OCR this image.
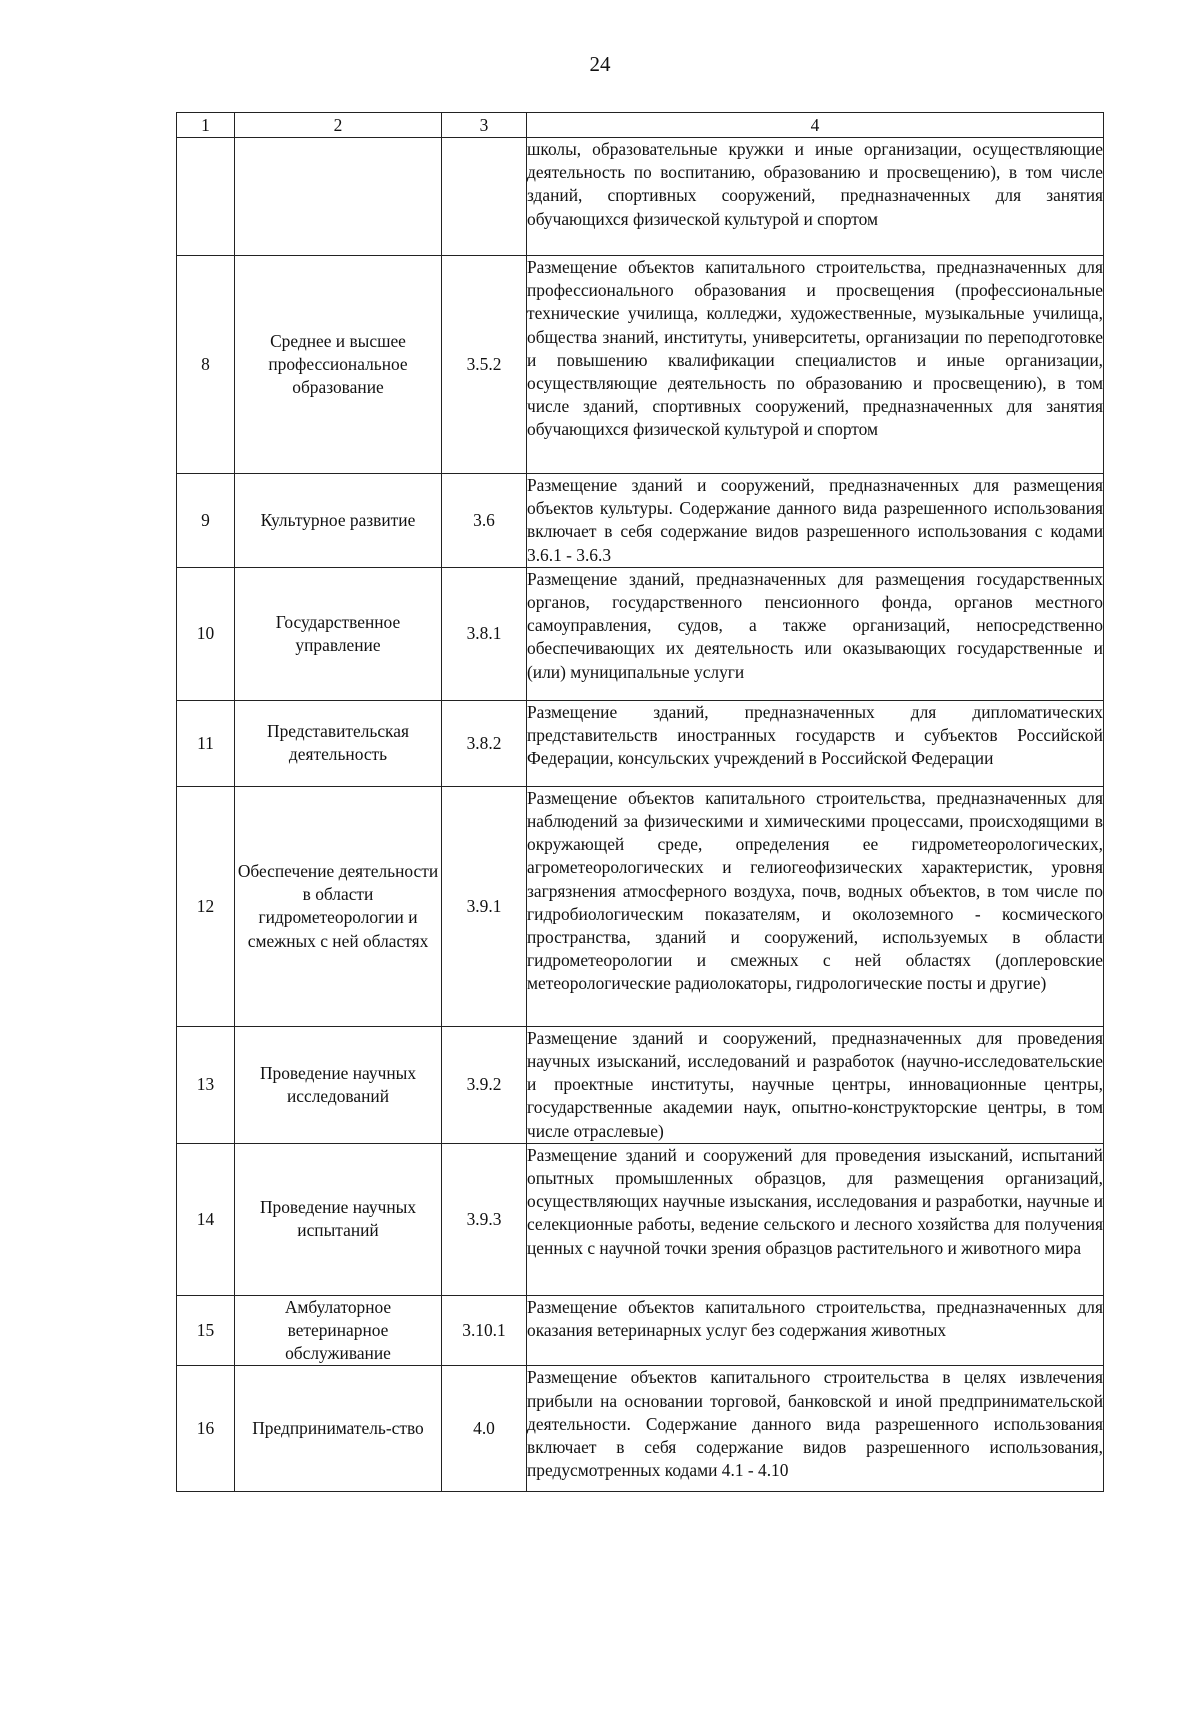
24
1	2	3	4

			школы, образовательные кружки и иные организации, осуществляющие деятельность по воспитанию, образованию и просвещению), в том числе зданий, спортивных сооружений, предназначенных для занятия обучающихся физической культурой и спортом

8	Среднее и высшее профессиональное образование	3.5.2	Размещение объектов капитального строительства, предназначенных для профессионального образования и просвещения (профессиональные технические училища, колледжи, художественные, музыкальные училища, общества знаний, институты, университеты, организации по переподготовке и повышению квалификации специалистов и иные организации, осуществляющие деятельность по образованию и просвещению), в том числе зданий, спортивных сооружений, предназначенных для занятия обучающихся физической культурой и спортом

9	Культурное развитие	3.6	Размещение зданий и сооружений, предназначенных для размещения объектов культуры. Содержание данного вида разрешенного использования включает в себя содержание видов разрешенного использования с кодами 3.6.1 - 3.6.3

10	Государственное управление	3.8.1	Размещение зданий, предназначенных для размещения государственных органов, государственного пенсионного фонда, органов местного самоуправления, судов, а также организаций, непосредственно обеспечивающих их деятельность или оказывающих государственные и (или) муниципальные услуги

11	Представительская деятельность	3.8.2	Размещение зданий, предназначенных для дипломатических представительств иностранных государств и субъектов Российской Федерации, консульских учреждений в Российской Федерации

12	Обеспечение деятельности в области гидрометеорологии и смежных с ней областях	3.9.1	Размещение объектов капитального строительства, предназначенных для наблюдений за физическими и химическими процессами, происходящими в окружающей среде, определения ее гидрометеорологических, агрометеорологических и гелиогеофизических характеристик, уровня загрязнения атмосферного воздуха, почв, водных объектов, в том числе по гидробиологическим показателям, и околоземного - космического пространства, зданий и сооружений, используемых в области гидрометеорологии и смежных с ней областях (доплеровские метеорологические радиолокаторы, гидрологические посты и другие)

13	Проведение научных исследований	3.9.2	Размещение зданий и сооружений, предназначенных для проведения научных изысканий, исследований и разработок (научно-исследовательские и проектные институты, научные центры, инновационные центры, государственные академии наук, опытно-конструкторские центры, в том числе отраслевые)

14	Проведение научных испытаний	3.9.3	Размещение зданий и сооружений для проведения изысканий, испытаний опытных промышленных образцов, для размещения организаций, осуществляющих научные изыскания, исследования и разработки, научные и селекционные работы, ведение сельского и лесного хозяйства для получения ценных с научной точки зрения образцов растительного и животного мира

15	Амбулаторное ветеринарное обслуживание	3.10.1	Размещение объектов капитального строительства, предназначенных для оказания ветеринарных услуг без содержания животных

16	Предприниматель-ство	4.0	Размещение объектов капитального строительства в целях извлечения прибыли на основании торговой, банковской и иной предпринимательской деятельности. Содержание данного вида разрешенного использования включает в себя содержание видов разрешенного использования, предусмотренных кодами 4.1 - 4.10
